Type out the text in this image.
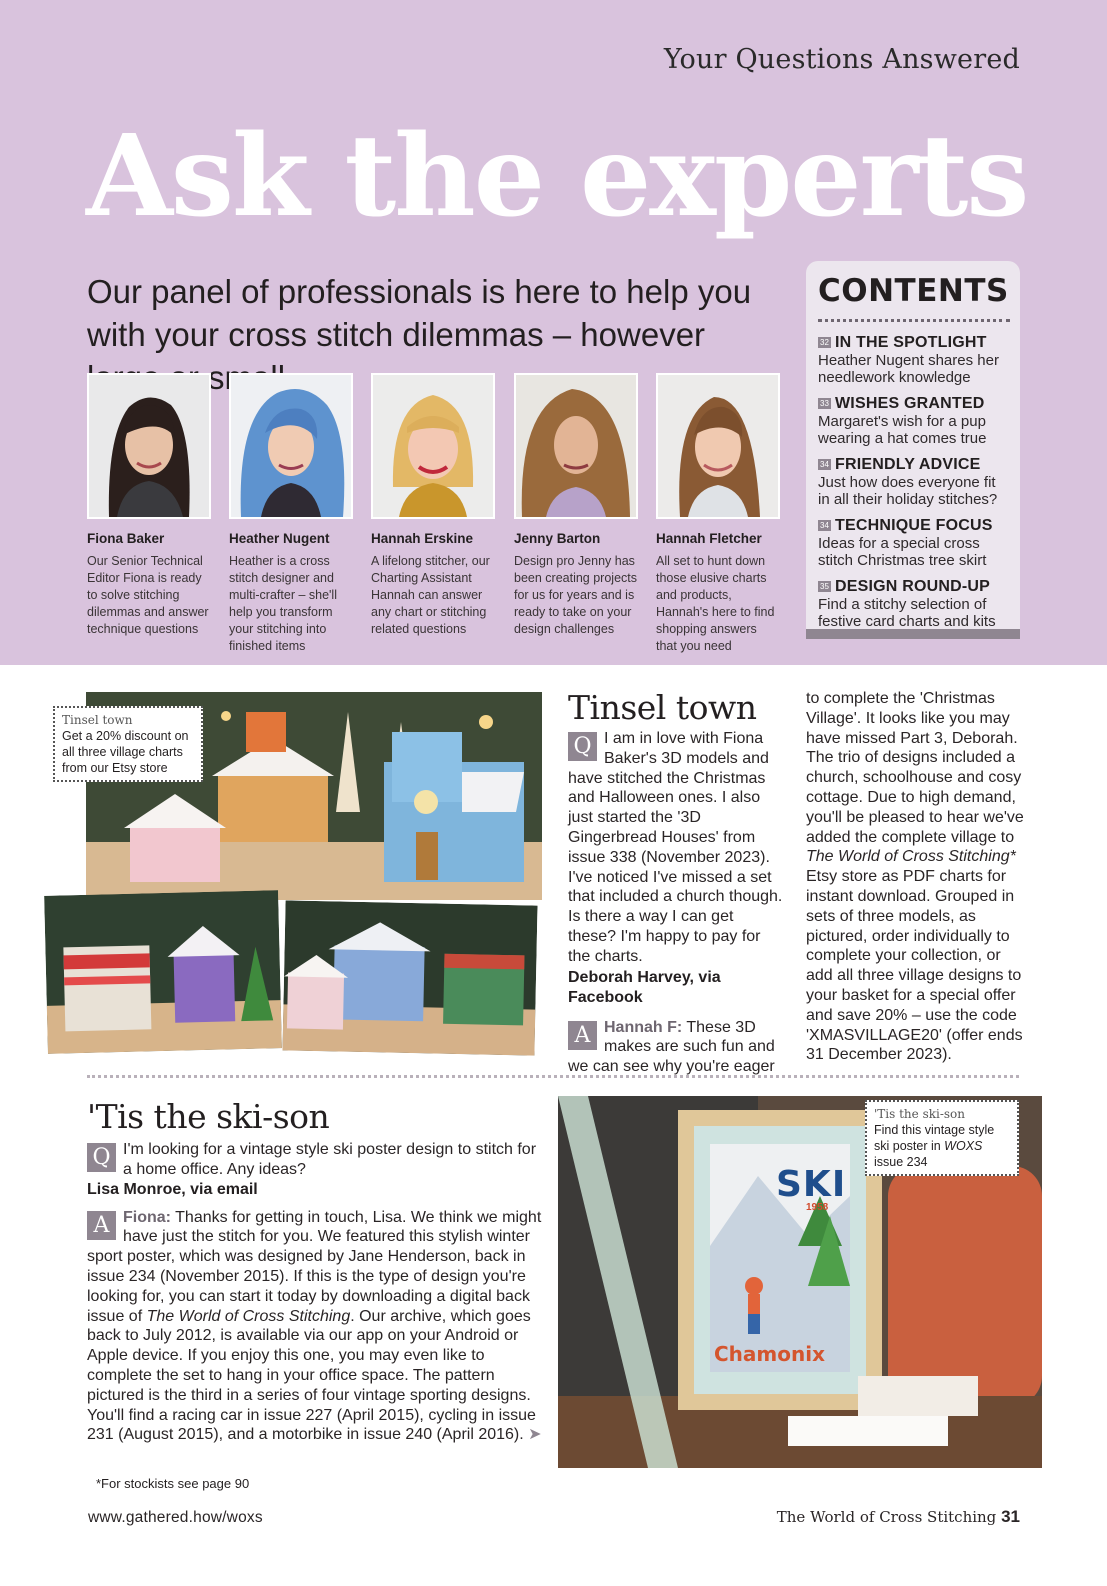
Your Questions Answered
Ask the experts
Our panel of professionals is here to help you with your cross stitch dilemmas – however
Fiona Baker
Our Senior Technical Editor Fiona is ready to solve stitching dilemmas and answer technique questions
Heather Nugent
Heather is a cross stitch designer and multi-crafter – she'll help you transform your stitching into finished items
Hannah Erskine
A lifelong stitcher, our Charting Assistant Hannah can answer any chart or stitching related questions
Jenny Barton
Design pro Jenny has been creating projects for us for years and is ready to take on your design challenges
Hannah Fletcher
All set to hunt down those elusive charts and products, Hannah's here to find shopping answers that you need
CONTENTS
32 IN THE SPOTLIGHT
Heather Nugent shares her needlework knowledge
33 WISHES GRANTED
Margaret's wish for a pup wearing a hat comes true
34 FRIENDLY ADVICE
Just how does everyone fit in all their holiday stitches?
34 TECHNIQUE FOCUS
Ideas for a special cross stitch Christmas tree skirt
35 DESIGN ROUND-UP
Find a stitchy selection of festive card charts and kits
Tinsel town
Get a 20% discount on all three village charts from our Etsy store
Tinsel town
Q I am in love with Fiona Baker's 3D models and have stitched the Christmas and Halloween ones. I also just started the '3D Gingerbread Houses' from issue 338 (November 2023). I've noticed I've missed a set that included a church though. Is there a way I can get these? I'm happy to pay for the charts.
Deborah Harvey, via Facebook
A Hannah F: These 3D makes are such fun and we can see why you're eager
to complete the 'Christmas Village'. It looks like you may have missed Part 3, Deborah. The trio of designs included a church, schoolhouse and cosy cottage. Due to high demand, you'll be pleased to hear we've added the complete village to The World of Cross Stitching* Etsy store as PDF charts for instant download. Grouped in sets of three models, as pictured, order individually to complete your collection, or add all three village designs to your basket for a special offer and save 20% – use the code 'XMASVILLAGE20' (offer ends 31 December 2023).
'Tis the ski-son
Q I'm looking for a vintage style ski poster design to stitch for a home office. Any ideas?
Lisa Monroe, via email
A Fiona: Thanks for getting in touch, Lisa. We think we might have just the stitch for you. We featured this stylish winter sport poster, which was designed by Jane Henderson, back in issue 234 (November 2015). If this is the type of design you're looking for, you can start it today by downloading a digital back issue of The World of Cross Stitching. Our archive, which goes back to July 2012, is available via our app on your Android or Apple device. If you enjoy this one, you may even like to complete the set to hang in your office space. The pattern pictured is the third in a series of four vintage sporting designs. You'll find a racing car in issue 227 (April 2015), cycling in issue 231 (August 2015), and a motorbike in issue 240 (April 2016). ➤
SKI
1958
Chamonix
'Tis the ski-son
Find this vintage style ski poster in WOXS issue 234
*For stockists see page 90
www.gathered.how/woxs	The World of Cross Stitching 31
